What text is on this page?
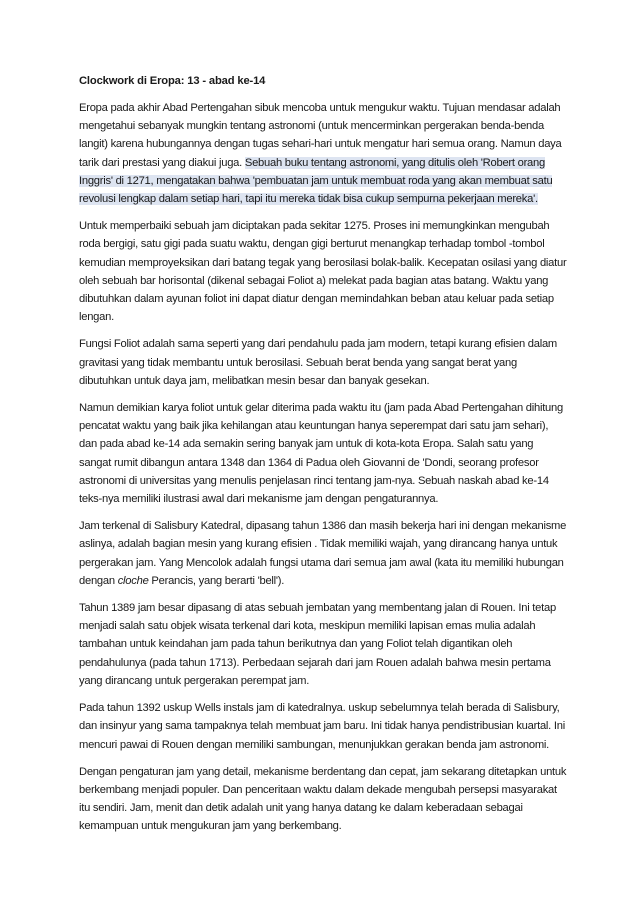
Clockwork di Eropa: 13 - abad ke-14

Eropa pada akhir Abad Pertengahan sibuk mencoba untuk mengukur waktu. Tujuan mendasar adalah mengetahui sebanyak mungkin tentang astronomi (untuk mencerminkan pergerakan benda-benda langit) karena hubungannya dengan tugas sehari-hari untuk mengatur hari semua orang. Namun daya tarik dari prestasi yang diakui juga. Sebuah buku tentang astronomi, yang ditulis oleh 'Robert orang Inggris' di 1271, mengatakan bahwa 'pembuatan jam untuk membuat roda yang akan membuat satu revolusi lengkap dalam setiap hari, tapi itu mereka tidak bisa cukup sempurna pekerjaan mereka'.

Untuk memperbaiki sebuah jam diciptakan pada sekitar 1275. Proses ini memungkinkan mengubah roda bergigi, satu gigi pada suatu waktu, dengan gigi berturut menangkap terhadap tombol -tombol kemudian memproyeksikan dari batang tegak yang berosilasi bolak-balik. Kecepatan osilasi yang diatur oleh sebuah bar horisontal (dikenal sebagai Foliot a) melekat pada bagian atas batang. Waktu yang dibutuhkan dalam ayunan foliot ini dapat diatur dengan memindahkan beban atau keluar pada setiap lengan.

Fungsi Foliot adalah sama seperti yang dari pendahulu pada jam modern, tetapi kurang efisien dalam gravitasi yang tidak membantu untuk berosilasi. Sebuah berat benda yang sangat berat yang dibutuhkan untuk daya jam, melibatkan mesin besar dan banyak gesekan.

Namun demikian karya foliot untuk gelar diterima pada waktu itu (jam pada Abad Pertengahan dihitung pencatat waktu yang baik jika kehilangan atau keuntungan hanya seperempat dari satu jam sehari), dan pada abad ke-14 ada semakin sering banyak jam untuk di kota-kota Eropa. Salah satu yang sangat rumit dibangun antara 1348 dan 1364 di Padua oleh Giovanni de 'Dondi, seorang profesor astronomi di universitas yang menulis penjelasan rinci tentang jam-nya. Sebuah naskah abad ke-14 teks-nya memiliki ilustrasi awal dari mekanisme jam dengan pengaturannya.

Jam terkenal di Salisbury Katedral, dipasang tahun 1386 dan masih bekerja hari ini dengan mekanisme aslinya, adalah bagian mesin yang kurang efisien . Tidak memiliki wajah, yang dirancang hanya untuk pergerakan jam. Yang Mencolok adalah fungsi utama dari semua jam awal (kata itu memiliki hubungan dengan cloche Perancis, yang berarti 'bell').

Tahun 1389 jam besar dipasang di atas sebuah jembatan yang membentang jalan di Rouen. Ini tetap menjadi salah satu objek wisata terkenal dari kota, meskipun memiliki lapisan emas mulia adalah tambahan untuk keindahan jam pada tahun berikutnya dan yang Foliot telah digantikan oleh pendahulunya (pada tahun 1713). Perbedaan sejarah dari jam Rouen adalah bahwa mesin pertama yang dirancang untuk pergerakan perempat jam.

Pada tahun 1392 uskup Wells instals jam di katedralnya. uskup sebelumnya telah berada di Salisbury, dan insinyur yang sama tampaknya telah membuat jam baru. Ini tidak hanya pendistribusian kuartal. Ini mencuri pawai di Rouen dengan memiliki sambungan, menunjukkan gerakan benda jam astronomi.

Dengan pengaturan jam yang detail, mekanisme berdentang dan cepat, jam sekarang ditetapkan untuk berkembang menjadi populer. Dan penceritaan waktu dalam dekade mengubah persepsi masyarakat itu sendiri. Jam, menit dan detik adalah unit yang hanya datang ke dalam keberadaan sebagai kemampuan untuk mengukuran jam yang berkembang.
